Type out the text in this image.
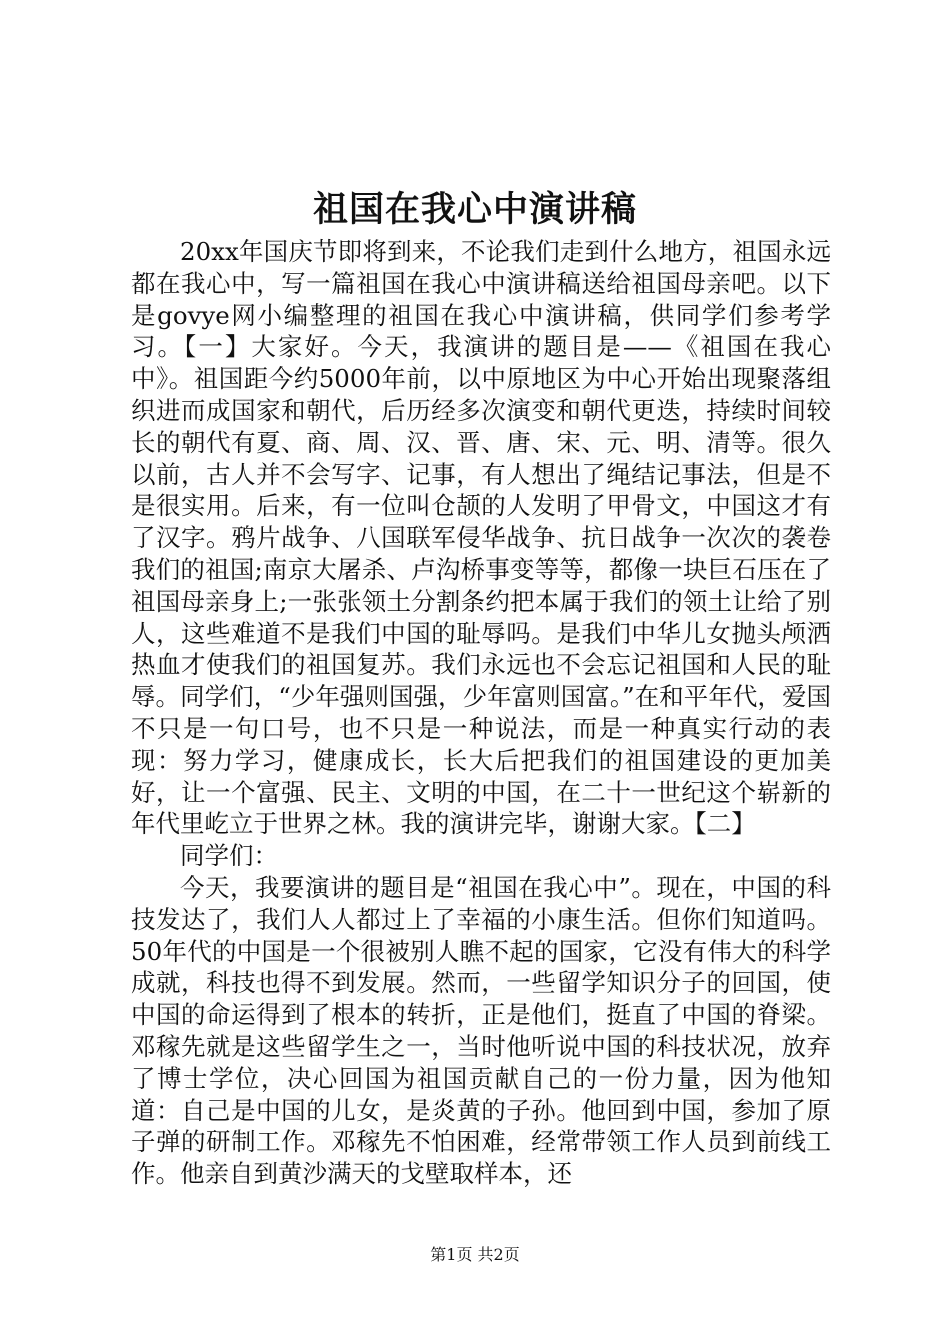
祖国在我心中演讲稿

20xx年国庆节即将到来，不论我们走到什么地方，祖国永远都在我心中，写一篇祖国在我心中演讲稿送给祖国母亲吧。以下是govye网小编整理的祖国在我心中演讲稿，供同学们参考学习。【一】大家好。今天，我演讲的题目是——《祖国在我心中》。祖国距今约5000年前，以中原地区为中心开始出现聚落组织进而成国家和朝代，后历经多次演变和朝代更迭，持续时间较长的朝代有夏、商、周、汉、晋、唐、宋、元、明、清等。很久以前，古人并不会写字、记事，有人想出了绳结记事法，但是不是很实用。后来，有一位叫仓颉的人发明了甲骨文，中国这才有了汉字。鸦片战争、八国联军侵华战争、抗日战争一次次的袭卷我们的祖国;南京大屠杀、卢沟桥事变等等，都像一块巨石压在了祖国母亲身上;一张张领土分割条约把本属于我们的领土让给了别人，这些难道不是我们中国的耻辱吗。是我们中华儿女抛头颅洒热血才使我们的祖国复苏。我们永远也不会忘记祖国和人民的耻辱。同学们，“少年强则国强，少年富则国富。”在和平年代，爱国不只是一句口号，也不只是一种说法，而是一种真实行动的表现：努力学习，健康成长，长大后把我们的祖国建设的更加美好，让一个富强、民主、文明的中国，在二十一世纪这个崭新的年代里屹立于世界之林。我的演讲完毕，谢谢大家。【二】

同学们：

今天，我要演讲的题目是“祖国在我心中”。现在，中国的科技发达了，我们人人都过上了幸福的小康生活。但你们知道吗。50年代的中国是一个很被别人瞧不起的国家，它没有伟大的科学成就，科技也得不到发展。然而，一些留学知识分子的回国，使中国的命运得到了根本的转折，正是他们，挺直了中国的脊梁。邓稼先就是这些留学生之一，当时他听说中国的科技状况，放弃了博士学位，决心回国为祖国贡献自己的一份力量，因为他知道：自己是中国的儿女，是炎黄的子孙。他回到中国，参加了原子弹的研制工作。邓稼先不怕困难，经常带领工作人员到前线工作。他亲自到黄沙满天的戈壁取样本，还

第1页 共2页
